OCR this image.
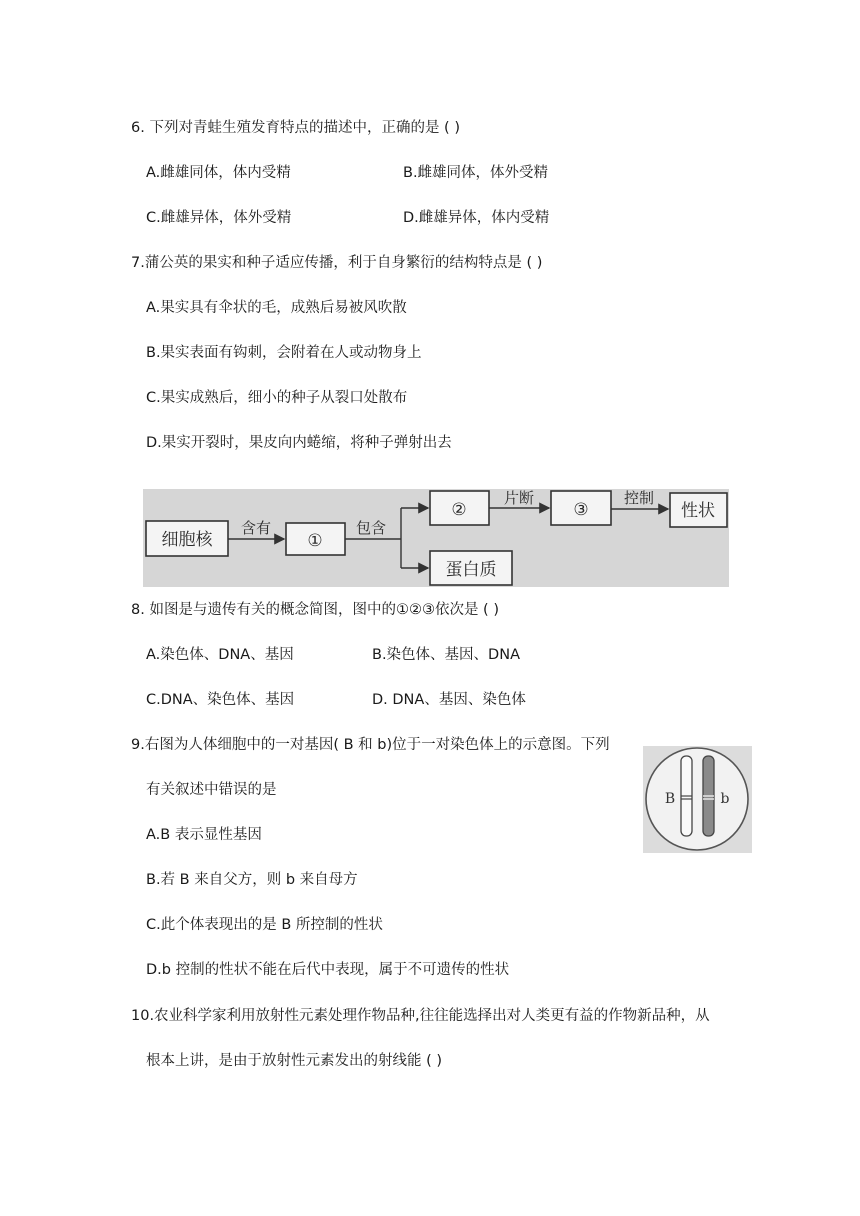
6. 下列对青蛙生殖发育特点的描述中，正确的是 ( )
A.雌雄同体，体内受精	B.雌雄同体，体外受精
C.雌雄异体，体外受精	D.雌雄异体，体内受精
7.蒲公英的果实和种子适应传播，利于自身繁衍的结构特点是 ( )
A.果实具有伞状的毛，成熟后易被风吹散
B.果实表面有钩刺，会附着在人或动物身上
C.果实成熟后，细小的种子从裂口处散布
D.果实开裂时，果皮向内蜷缩，将种子弹射出去
细胞核
含有
①
包含
②
片断
③
控制
性状
蛋白质
8. 如图是与遗传有关的概念简图，图中的①②③依次是 ( )
A.染色体、DNA、基因	B.染色体、基因、DNA
C.DNA、染色体、基因	D. DNA、基因、染色体
9.右图为人体细胞中的一对基因( B 和 b)位于一对染色体上的示意图。下列
有关叙述中错误的是
A.B 表示显性基因
B.若 B 来自父方，则 b 来自母方
C.此个体表现出的是 B 所控制的性状
D.b 控制的性状不能在后代中表现，属于不可遗传的性状
B	b
10.农业科学家利用放射性元素处理作物品种,往往能选择出对人类更有益的作物新品种，从
根本上讲，是由于放射性元素发出的射线能 ( )
